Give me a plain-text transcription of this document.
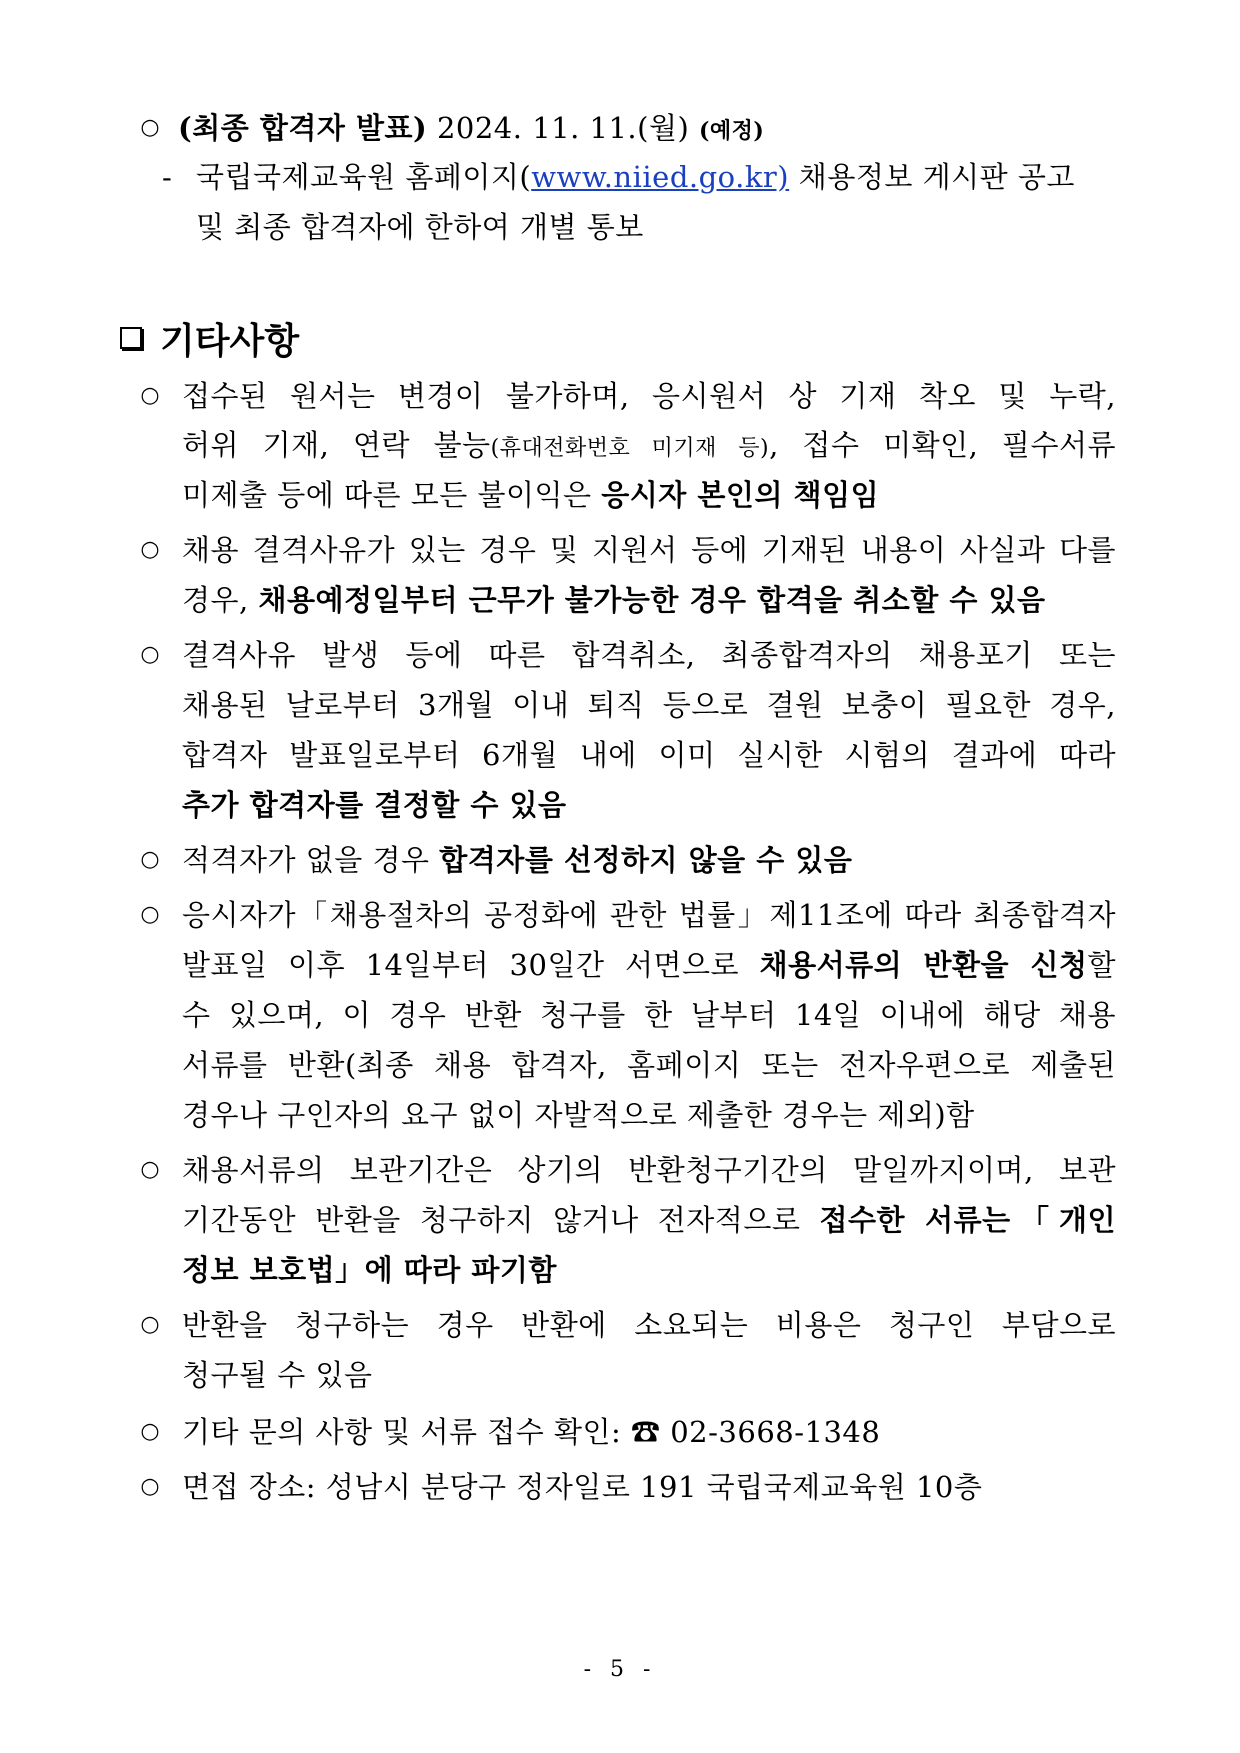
○ (최종 합격자 발표) 2024. 11. 11.(월) (예정)
- 국립국제교육원 홈페이지(www.niied.go.kr) 채용정보 게시판 공고
및 최종 합격자에 한하여 개별 통보
기타사항
○ 접수된 원서는 변경이 불가하며, 응시원서 상 기재 착오 및 누락,
허위 기재, 연락 불능(휴대전화번호 미기재 등), 접수 미확인, 필수서류
미제출 등에 따른 모든 불이익은 응시자 본인의 책임임
○ 채용 결격사유가 있는 경우 및 지원서 등에 기재된 내용이 사실과 다를
경우, 채용예정일부터 근무가 불가능한 경우 합격을 취소할 수 있음
○ 결격사유 발생 등에 따른 합격취소, 최종합격자의 채용포기 또는
채용된 날로부터 3개월 이내 퇴직 등으로 결원 보충이 필요한 경우,
합격자 발표일로부터 6개월 내에 이미 실시한 시험의 결과에 따라
추가 합격자를 결정할 수 있음
○ 적격자가 없을 경우 합격자를 선정하지 않을 수 있음
○ 응시자가「채용절차의 공정화에 관한 법률」제11조에 따라 최종합격자
발표일 이후 14일부터 30일간 서면으로 채용서류의 반환을 신청할
수 있으며, 이 경우 반환 청구를 한 날부터 14일 이내에 해당 채용
서류를 반환(최종 채용 합격자, 홈페이지 또는 전자우편으로 제출된
경우나 구인자의 요구 없이 자발적으로 제출한 경우는 제외)함
○ 채용서류의 보관기간은 상기의 반환청구기간의 말일까지이며, 보관
기간동안 반환을 청구하지 않거나 전자적으로 접수한 서류는「개인
정보 보호법」에 따라 파기함
○ 반환을 청구하는 경우 반환에 소요되는 비용은 청구인 부담으로
청구될 수 있음
○ 기타 문의 사항 및 서류 접수 확인: ☎ 02-3668-1348
○ 면접 장소: 성남시 분당구 정자일로 191 국립국제교육원 10층
- 5 -
